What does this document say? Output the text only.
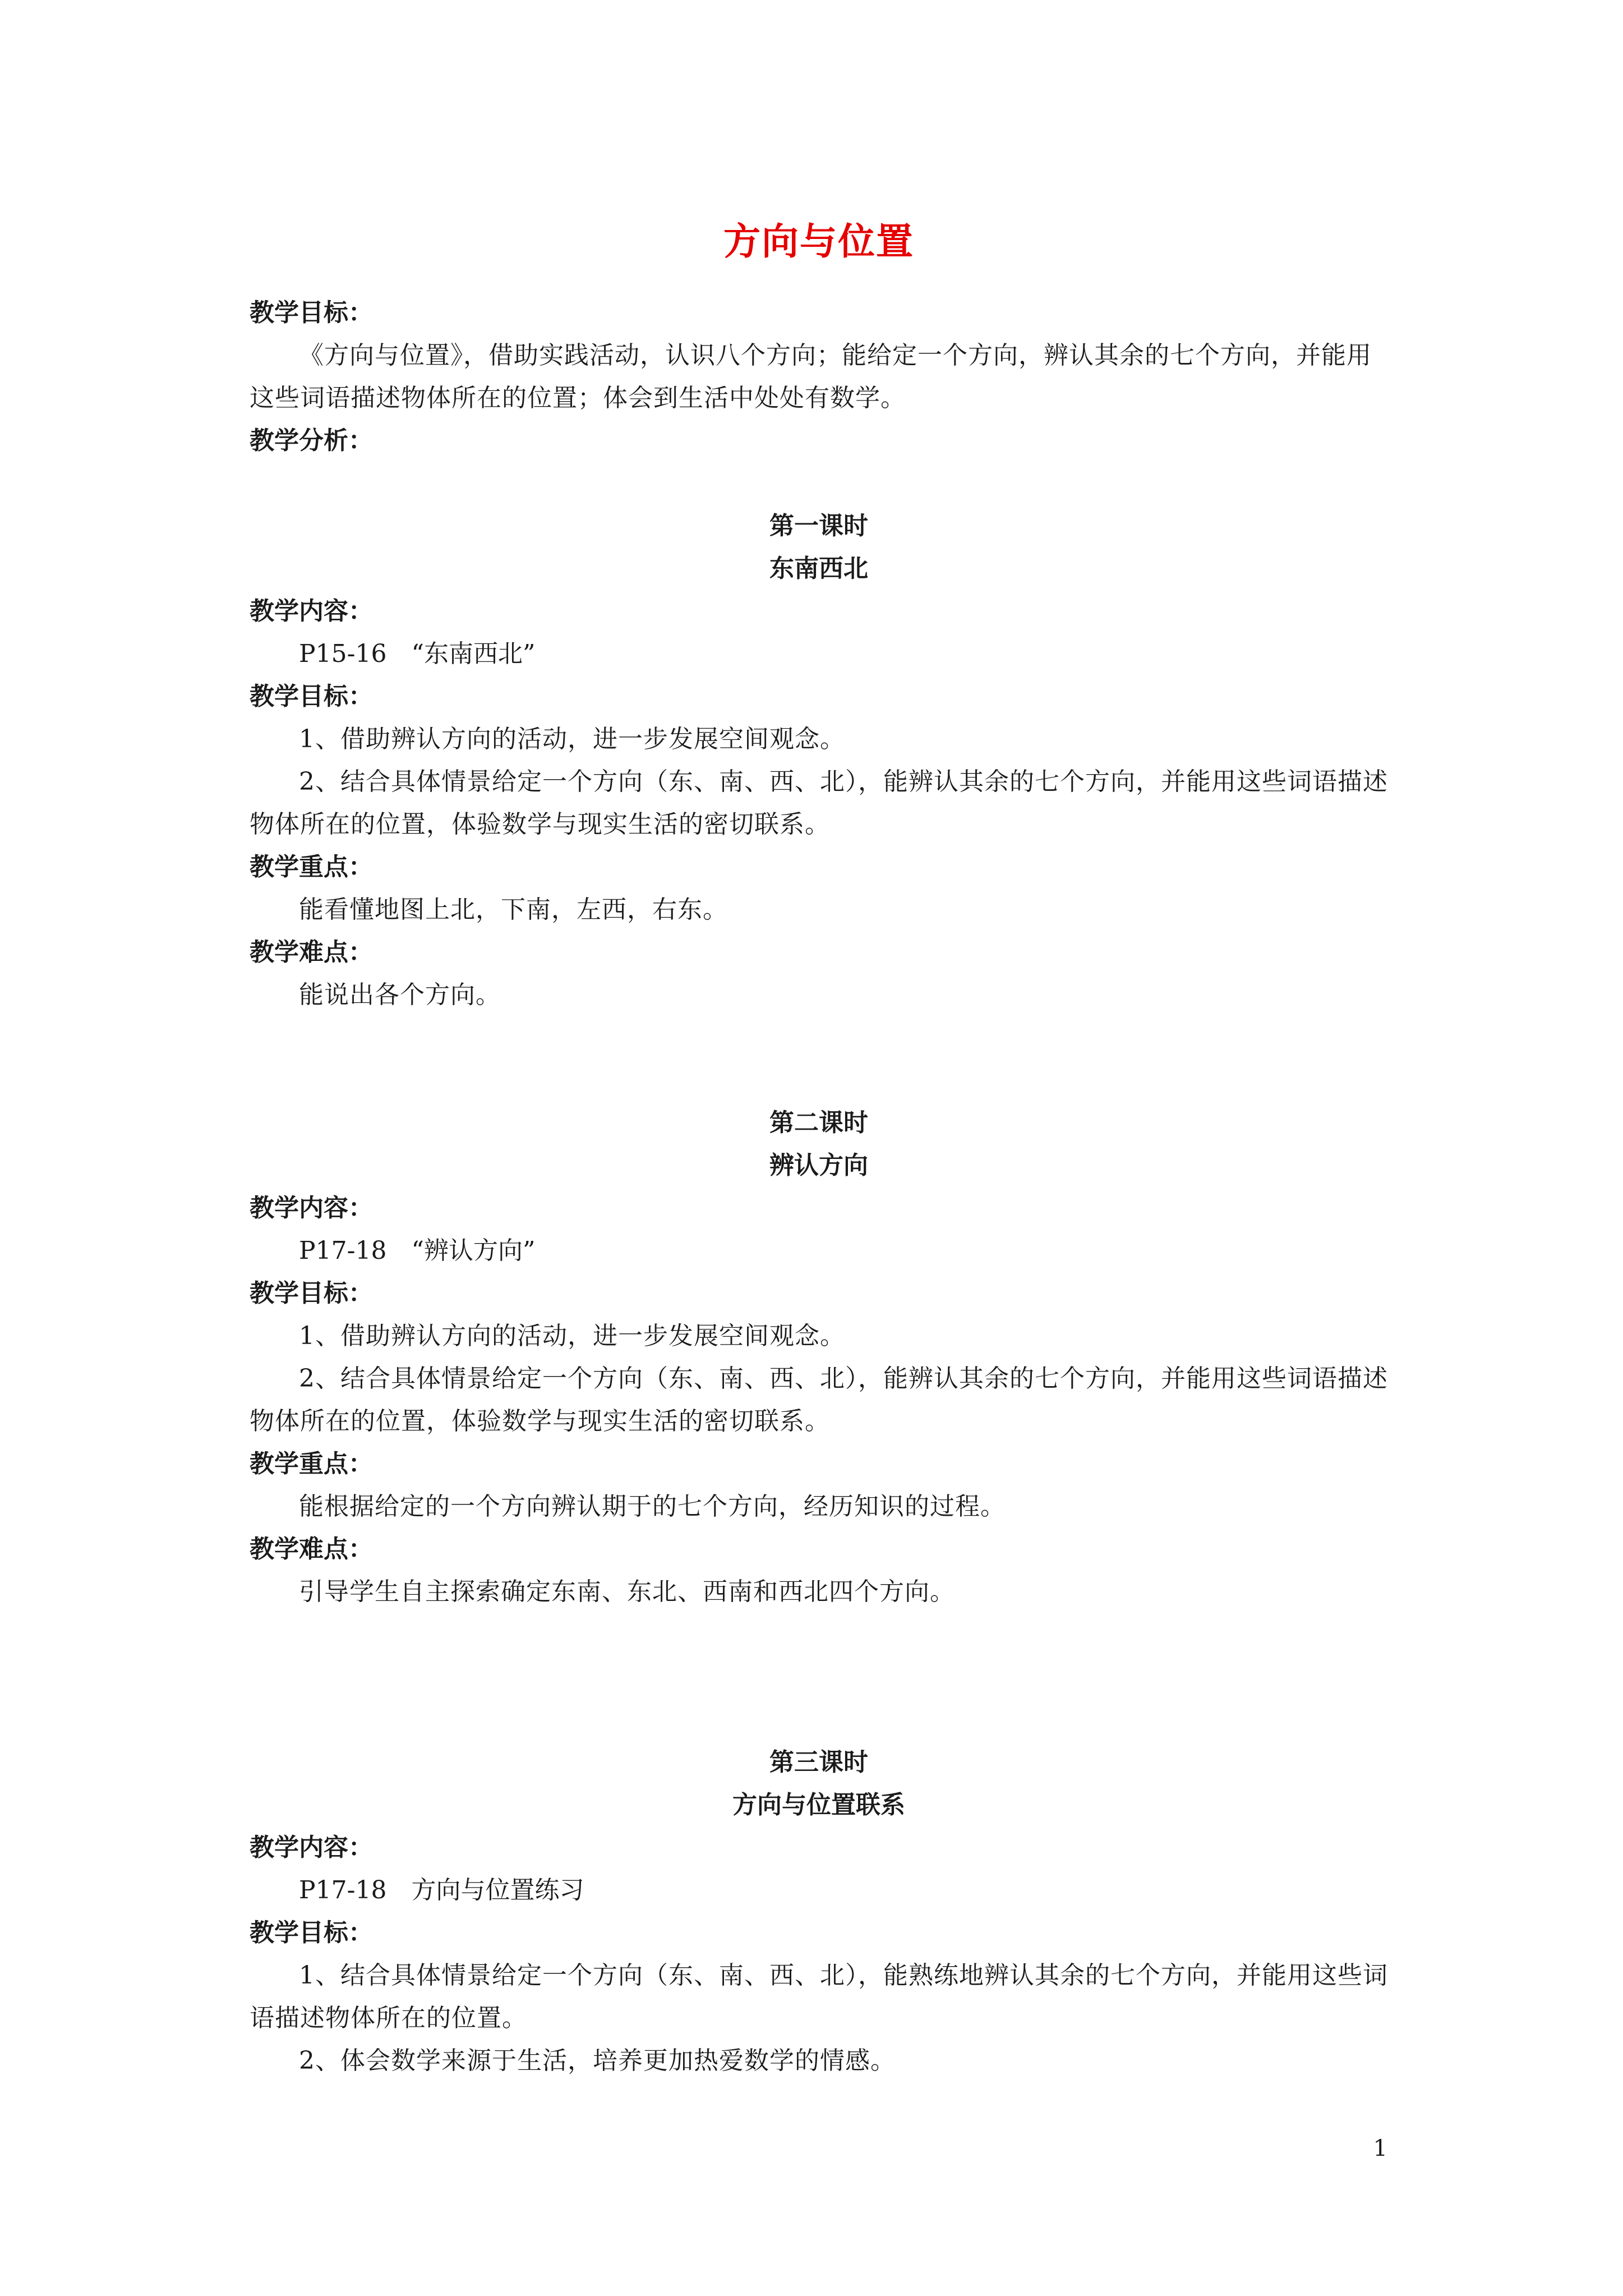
方向与位置

教学目标：

《方向与位置》，借助实践活动，认识八个方向；能给定一个方向，辨认其余的七个方向，并能用这些词语描述物体所在的位置；体会到生活中处处有数学。

教学分析：

第一课时

东南西北

教学内容：

P15-16　“东南西北”

教学目标：

1、借助辨认方向的活动，进一步发展空间观念。

2、结合具体情景给定一个方向（东、南、西、北），能辨认其余的七个方向，并能用这些词语描述物体所在的位置，体验数学与现实生活的密切联系。

教学重点：

能看懂地图上北，下南，左西，右东。

教学难点：

能说出各个方向。

第二课时

辨认方向

教学内容：

P17-18　“辨认方向”

教学目标：

1、借助辨认方向的活动，进一步发展空间观念。

2、结合具体情景给定一个方向（东、南、西、北），能辨认其余的七个方向，并能用这些词语描述物体所在的位置，体验数学与现实生活的密切联系。

教学重点：

能根据给定的一个方向辨认期于的七个方向，经历知识的过程。

教学难点：

引导学生自主探索确定东南、东北、西南和西北四个方向。

第三课时

方向与位置联系

教学内容：

P17-18　方向与位置练习

教学目标：

1、结合具体情景给定一个方向（东、南、西、北），能熟练地辨认其余的七个方向，并能用这些词语描述物体所在的位置。

2、体会数学来源于生活，培养更加热爱数学的情感。

1
